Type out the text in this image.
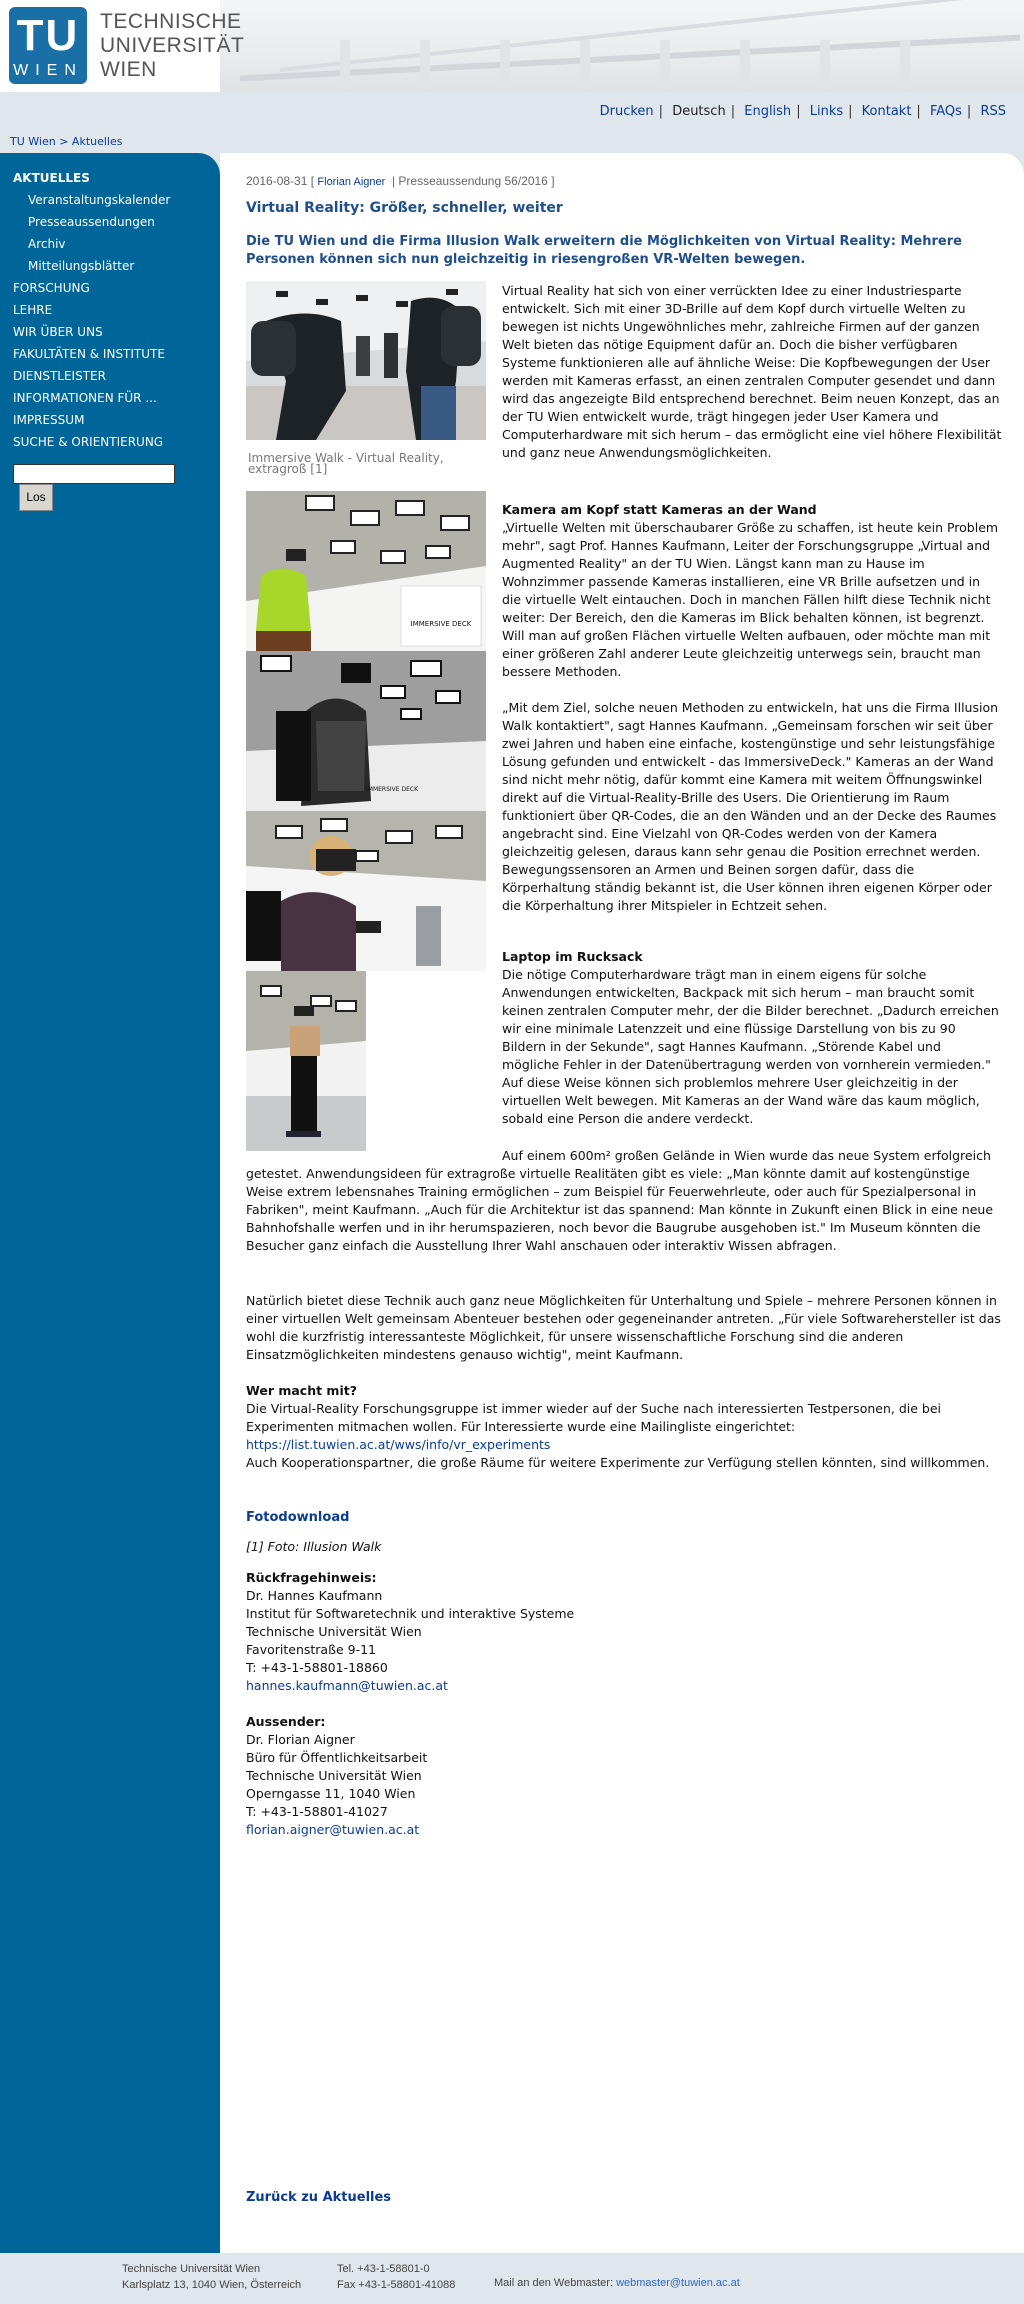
TU
WIEN
TECHNISCHE
UNIVERSITÄT
WIEN
Drucken | Deutsch | English | Links | Kontakt | FAQs | RSS
TU Wien > Aktuelles
AKTUELLES
Veranstaltungskalender
Presseaussendungen
Archiv
Mitteilungsblätter
FORSCHUNG
LEHRE
WIR ÜBER UNS
FAKULTÄTEN & INSTITUTE
DIENSTLEISTER
INFORMATIONEN FÜR ...
IMPRESSUM
SUCHE & ORIENTIERUNG
Los
2016-08-31 [ Florian Aigner  | Presseaussendung 56/2016 ]
Virtual Reality: Größer, schneller, weiter
Die TU Wien und die Firma Illusion Walk erweitern die Möglichkeiten von Virtual Reality: Mehrere Personen können sich nun gleichzeitig in riesengroßen VR-Welten bewegen.
Immersive Walk - Virtual Reality, extragroß [1]
IMMERSIVE DECK
IMMERSIVE DECK
Virtual Reality hat sich von einer verrückten Idee zu einer Industriesparte entwickelt. Sich mit einer 3D-Brille auf dem Kopf durch virtuelle Welten zu bewegen ist nichts Ungewöhnliches mehr, zahlreiche Firmen auf der ganzen Welt bieten das nötige Equipment dafür an. Doch die bisher verfügbaren Systeme funktionieren alle auf ähnliche Weise: Die Kopfbewegungen der User werden mit Kameras erfasst, an einen zentralen Computer gesendet und dann wird das angezeigte Bild entsprechend berechnet. Beim neuen Konzept, das an der TU Wien entwickelt wurde, trägt hingegen jeder User Kamera und Computerhardware mit sich herum – das ermöglicht eine viel höhere Flexibilität und ganz neue Anwendungsmöglichkeiten.
Kamera am Kopf statt Kameras an der Wand
„Virtuelle Welten mit überschaubarer Größe zu schaffen, ist heute kein Problem mehr", sagt Prof. Hannes Kaufmann, Leiter der Forschungsgruppe „Virtual and Augmented Reality" an der TU Wien. Längst kann man zu Hause im Wohnzimmer passende Kameras installieren, eine VR Brille aufsetzen und in die virtuelle Welt eintauchen. Doch in manchen Fällen hilft diese Technik nicht weiter: Der Bereich, den die Kameras im Blick behalten können, ist begrenzt. Will man auf großen Flächen virtuelle Welten aufbauen, oder möchte man mit einer größeren Zahl anderer Leute gleichzeitig unterwegs sein, braucht man bessere Methoden.
„Mit dem Ziel, solche neuen Methoden zu entwickeln, hat uns die Firma Illusion Walk kontaktiert", sagt Hannes Kaufmann. „Gemeinsam forschen wir seit über zwei Jahren und haben eine einfache, kostengünstige und sehr leistungsfähige Lösung gefunden und entwickelt - das ImmersiveDeck." Kameras an der Wand sind nicht mehr nötig, dafür kommt eine Kamera mit weitem Öffnungswinkel direkt auf die Virtual-Reality-Brille des Users. Die Orientierung im Raum funktioniert über QR-Codes, die an den Wänden und an der Decke des Raumes angebracht sind. Eine Vielzahl von QR-Codes werden von der Kamera gleichzeitig gelesen, daraus kann sehr genau die Position errechnet werden. Bewegungssensoren an Armen und Beinen sorgen dafür, dass die Körperhaltung ständig bekannt ist, die User können ihren eigenen Körper oder die Körperhaltung ihrer Mitspieler in Echtzeit sehen.
Laptop im Rucksack
Die nötige Computerhardware trägt man in einem eigens für solche Anwendungen entwickelten, Backpack mit sich herum – man braucht somit keinen zentralen Computer mehr, der die Bilder berechnet. „Dadurch erreichen wir eine minimale Latenzzeit und eine flüssige Darstellung von bis zu 90 Bildern in der Sekunde", sagt Hannes Kaufmann. „Störende Kabel und mögliche Fehler in der Datenübertragung werden von vornherein vermieden." Auf diese Weise können sich problemlos mehrere User gleichzeitig in der virtuellen Welt bewegen. Mit Kameras an der Wand wäre das kaum möglich, sobald eine Person die andere verdeckt.
Auf einem 600m² großen Gelände in Wien wurde das neue System erfolgreich getestet. Anwendungsideen für extragroße virtuelle Realitäten gibt es viele: „Man könnte damit auf kostengünstige Weise extrem lebensnahes Training ermöglichen – zum Beispiel für Feuerwehrleute, oder auch für Spezialpersonal in Fabriken", meint Kaufmann. „Auch für die Architektur ist das spannend: Man könnte in Zukunft einen Blick in eine neue Bahnhofshalle werfen und in ihr herumspazieren, noch bevor die Baugrube ausgehoben ist." Im Museum könnten die Besucher ganz einfach die Ausstellung Ihrer Wahl anschauen oder interaktiv Wissen abfragen.
Natürlich bietet diese Technik auch ganz neue Möglichkeiten für Unterhaltung und Spiele – mehrere Personen können in einer virtuellen Welt gemeinsam Abenteuer bestehen oder gegeneinander antreten. „Für viele Softwarehersteller ist das wohl die kurzfristig interessanteste Möglichkeit, für unsere wissenschaftliche Forschung sind die anderen Einsatzmöglichkeiten mindestens genauso wichtig", meint Kaufmann.
Wer macht mit?
Die Virtual-Reality Forschungsgruppe ist immer wieder auf der Suche nach interessierten Testpersonen, die bei Experimenten mitmachen wollen. Für Interessierte wurde eine Mailingliste eingerichtet:
https://list.tuwien.ac.at/wws/info/vr_experiments
Auch Kooperationspartner, die große Räume für weitere Experimente zur Verfügung stellen könnten, sind willkommen.
Fotodownload
[1] Foto: Illusion Walk
Rückfragehinweis:
Dr. Hannes Kaufmann
Institut für Softwaretechnik und interaktive Systeme
Technische Universität Wien
Favoritenstraße 9-11
T: +43-1-58801-18860
hannes.kaufmann@tuwien.ac.at
Aussender:
Dr. Florian Aigner
Büro für Öffentlichkeitsarbeit
Technische Universität Wien
Operngasse 11, 1040 Wien
T: +43-1-58801-41027
florian.aigner@tuwien.ac.at
Zurück zu Aktuelles
Technische Universität Wien
Karlsplatz 13, 1040 Wien, Österreich
Tel. +43-1-58801-0
Fax +43-1-58801-41088	Mail an den Webmaster: webmaster@tuwien.ac.at
